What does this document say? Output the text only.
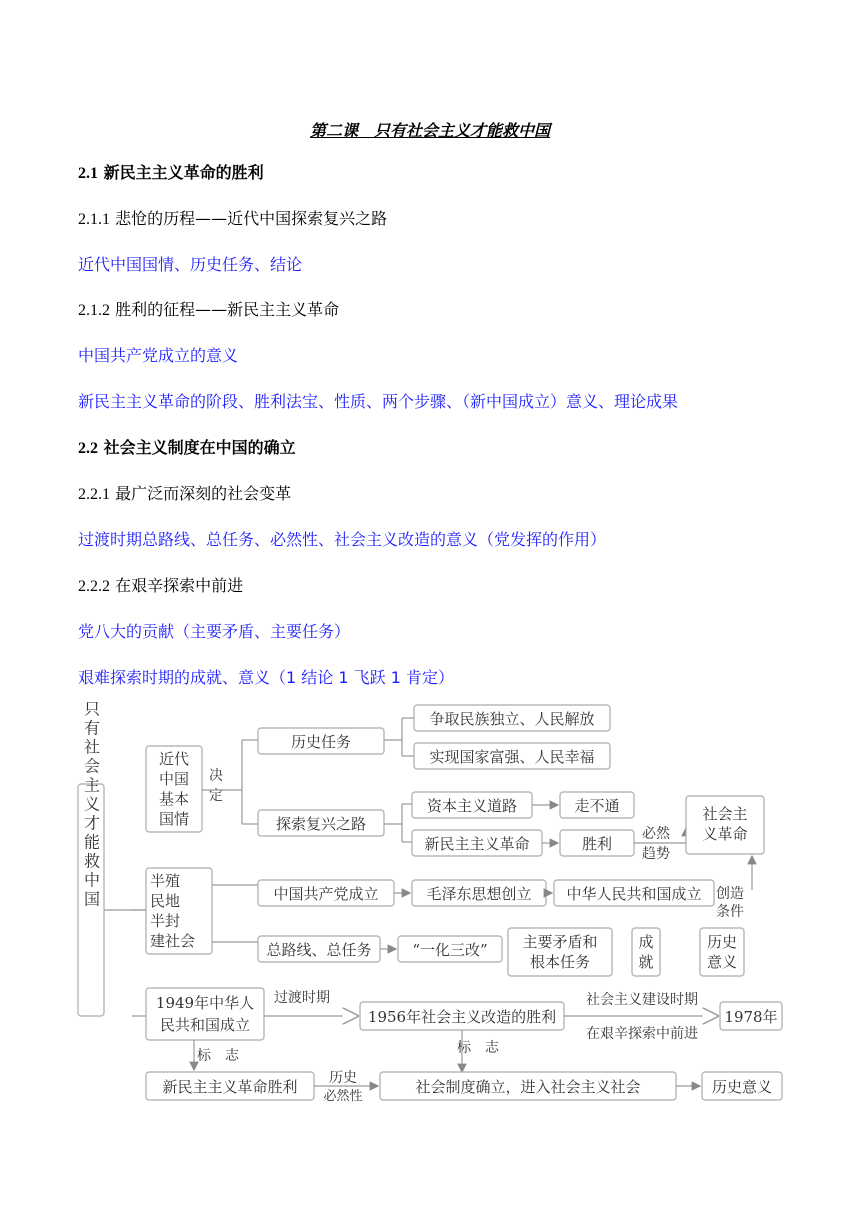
第二课　只有社会主义才能救中国
2.1 新民主主义革命的胜利
2.1.1 悲怆的历程——近代中国探索复兴之路
近代中国国情、历史任务、结论
2.1.2 胜利的征程——新民主主义革命
中国共产党成立的意义
新民主主义革命的阶段、胜利法宝、性质、两个步骤、（新中国成立）意义、理论成果
2.2 社会主义制度在中国的确立
2.2.1 最广泛而深刻的社会变革
过渡时期总路线、总任务、必然性、社会主义改造的意义（党发挥的作用）
2.2.2 在艰辛探索中前进
党八大的贡献（主要矛盾、主要任务）
艰难探索时期的成就、意义（1 结论 1 飞跃 1 肯定）
只有社会主义才能救中国	近代
中国
基本
国情
决
定
历史任务
争取民族独立、人民解放
实现国家富强、人民幸福
探索复兴之路
资本主义道路	走不通
新民主主义革命	胜利
必然
趋势
社会主
义革命
半殖
民地
半封
建社会
中国共产党成立	毛泽东思想创立 中华人民共和国成立 创造
条件
总路线、总任务	“一化三改” 主要矛盾和
根本任务
成
就
历史
意义
1949年中华人
民共和国成立
过渡时期
1956年社会主义改造的胜利
社会主义建设时期
在艰辛探索中前进
1978年
标　志	标　志
新民主主义革命胜利 历史
必然性
社会制度确立，进入社会主义社会	历史意义
